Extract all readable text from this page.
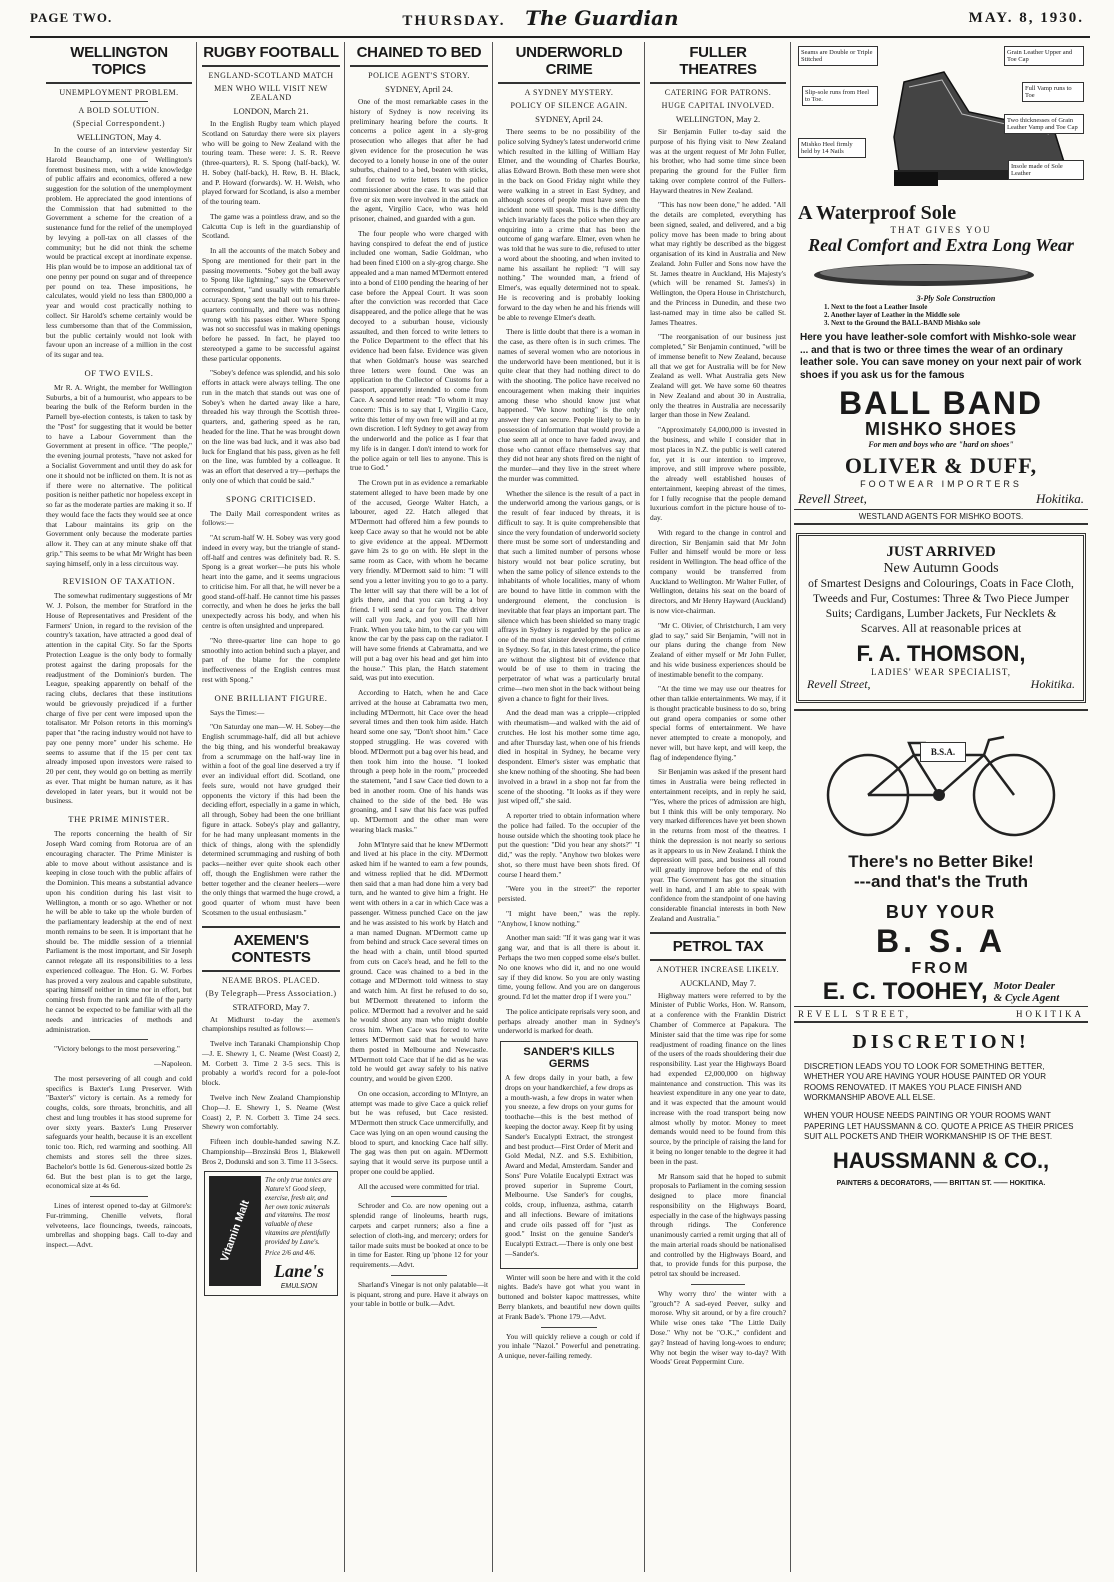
PAGE TWO.	THURSDAY. The Guardian	MAY. 8, 1930.
WELLINGTON TOPICS
UNEMPLOYMENT PROBLEM.
A BOLD SOLUTION.
(Special Correspondent.)
WELLINGTON, May 4.

In the course of an interview yesterday Sir Harold Beauchamp, one of Wellington's foremost business men, with a wide knowledge of public affairs and economics, offered a new suggestion for the solution of the unemployment problem. He appreciated the good intentions of the Commission that had submitted to the Government a scheme for the creation of a sustenance fund for the relief of the unemployed by levying a poll-tax on all classes of the community; but he did not think the scheme would be practical except at inordinate expense. His plan would be to impose an additional tax of one penny per pound on sugar and of threepence per pound on tea. These impositions, he calculates, would yield no less than £800,000 a year and would cost practically nothing to collect. Sir Harold's scheme certainly would be less cumbersome than that of the Commission, but the public certainly would not look with favour upon an increase of a million in the cost of its sugar and tea.

OF TWO EVILS.

Mr R. A. Wright, the member for Wellington Suburbs, a bit of a humourist, who appears to be bearing the bulk of the Reform burden in the Parnell bye-election contests, is taken to task by the "Post" for suggesting that it would be better to have a Labour Government than the Government at present in office. "The people," the evening journal protests, "have not asked for a Socialist Government and until they do ask for one it should not be inflicted on them. It is not as if there were no alternative. The political position is neither pathetic nor hopeless except in so far as the moderate parties are making it so. If they would face the facts they would see at once that Labour maintains its grip on the Government only because the moderate parties allow it. They can at any minute shake off that grip." This seems to be what Mr Wright has been saying himself, only in a less circuitous way.

REVISION OF TAXATION.

The somewhat rudimentary suggestions of Mr W. J. Polson, the member for Stratford in the House of Representatives and President of the Farmers' Union, in regard to the revision of the country's taxation, have attracted a good deal of attention in the capital City. So far the Sports Protection League is the only body to formally protest against the daring proposals for the readjustment of the Dominion's burden. The League, speaking apparently on behalf of the racing clubs, declares that these institutions would be grievously prejudiced if a further charge of five per cent were imposed upon the totalisator. Mr Polson retorts in this morning's paper that "the racing industry would not have to pay one penny more" under his scheme. He seems to assume that if the 15 per cent tax already imposed upon investors were raised to 20 per cent, they would go on betting as merrily as ever. That might be human nature, as it has developed in later years, but it would not be business.

THE PRIME MINISTER.

The reports concerning the health of Sir Joseph Ward coming from Rotorua are of an encouraging character. The Prime Minister is able to move about without assistance and is keeping in close touch with the public affairs of the Dominion. This means a substantial advance upon his condition during his last visit to Wellington, a month or so ago. Whether or not he will be able to take up the whole burden of the parliamentary leadership at the end of next month remains to be seen. It is important that he should be. The middle session of a triennial Parliament is the most important, and Sir Joseph cannot relegate all its responsibilities to a less experienced colleague. The Hon. G. W. Forbes has proved a very zealous and capable substitute, sparing himself neither in time nor in effort, but coming fresh from the rank and file of the party he cannot be expected to be familiar with all the needs and intricacies of methods and administration.

"Victory belongs to the most persevering."

—Napoleon.

The most persevering of all cough and cold specifics is Baxter's Lung Preserver. With "Baxter's" victory is certain. As a remedy for coughs, colds, sore throats, bronchitis, and all chest and lung troubles it has stood supreme for over sixty years. Baxter's Lung Preserver safeguards your health, because it is an excellent tonic too. Rich, red warming and soothing. All chemists and stores sell the three sizes. Bachelor's bottle 1s 6d. Generous-sized bottle 2s 6d. But the best plan is to get the large, economical size at 4s 6d.

Lines of interest opened to-day at Gilmore's: Fur-trimming, Chenille velvets, floral velveteens, lace flouncings, tweeds, raincoats, umbrellas and shopping bags. Call to-day and inspect.—Advt.

RUGBY FOOTBALL
ENGLAND-SCOTLAND MATCH
MEN WHO WILL VISIT NEW ZEALAND
LONDON, March 21.

In the English Rugby team which played Scotland on Saturday there were six players who will be going to New Zealand with the touring team. These were: J. S. R. Reeve (three-quarters), R. S. Spong (half-back), W. H. Sobey (half-back), H. Rew, B. H. Black, and P. Howard (forwards). W. H. Welsh, who played forward for Scotland, is also a member of the touring team.

The game was a pointless draw, and so the Calcutta Cup is left in the guardianship of Scotland.

In all the accounts of the match Sobey and Spong are mentioned for their part in the passing movements. "Sobey got the ball away to Spong like lightning," says the Observer's correspondent, "and usually with remarkable accuracy. Spong sent the ball out to his three-quarters continually, and there was nothing wrong with his passes either. Where Spong was not so successful was in making openings before he passed. In fact, he played too stereotyped a game to be successful against these particular opponents.

"Sobey's defence was splendid, and his solo efforts in attack were always telling. The one run in the match that stands out was one of Sobey's when he darted away like a hare, threaded his way through the Scottish three-quarters, and, gathering speed as he ran, headed for the line. That he was brought down on the line was bad luck, and it was also bad luck for England that his pass, given as he fell on the line, was fumbled by a colleague. It was an effort that deserved a try—perhaps the only one of which that could be said."

SPONG CRITICISED.

The Daily Mail correspondent writes as follows:—

"At scrum-half W. H. Sobey was very good indeed in every way, but the triangle of stand-off-half and centres was definitely bad. R. S. Spong is a great worker—he puts his whole heart into the game, and it seems ungracious to criticise him. For all that, he will never be a good stand-off-half. He cannot time his passes correctly, and when he does he jerks the ball unexpectedly across his body, and when his centre is often unsighted and unprepared.

"No three-quarter line can hope to go smoothly into action behind such a player, and part of the blame for the complete ineffectiveness of the English centres must rest with Spong."

ONE BRILLIANT FIGURE.

Says the Times:—

"On Saturday one man—W. H. Sobey—the English scrummage-half, did all but achieve the big thing, and his wonderful breakaway from a scrummage on the half-way line in within a foot of the goal line deserved a try if ever an individual effort did. Scotland, one feels sure, would not have grudged their opponents the victory if this had been the deciding effort, especially in a game in which, all through, Sobey had been the one brilliant figure in attack. Sobey's play and gallantry, for he had many unpleasant moments in the thick of things, along with the splendidly determined scrummaging and rushing of both packs—neither ever quite shook each other off, though the Englishmen were rather the better together and the cleaner heelers—were the only things that warmed the huge crowd, a good quarter of whom must have been Scotsmen to the usual enthusiasm."

AXEMEN'S CONTESTS
NEAME BROS. PLACED.
(By Telegraph—Press Association.)
STRATFORD, May 7.

At Midhurst to-day the axemen's championships resulted as follows:—

Twelve inch Taranaki Championship Chop—J. E. Shewry 1, C. Neame (West Coast) 2, M. Corbett 3. Time 2 3-5 secs. This is probably a world's record for a pole-foot block.

Twelve inch New Zealand Championship Chop—J. E. Shewry 1, S. Neame (West Coast) 2, P. N. Corbett 3. Time 24 secs. Shewry won comfortably.

Fifteen inch double-handed sawing N.Z. Championship—Brezinski Bros 1, Blakewell Bros 2, Dodunski and son 3. Time 11 3-5secs.

Vitamin Malt
The only true tonics are Nature's! Good sleep, exercise, fresh air, and her own tonic minerals and vitamins. The most valuable of these vitamins are plentifully provided by Lane's.
Price 2/6 and 4/6.
Lane's
EMULSION
CHAINED TO BED
POLICE AGENT'S STORY.
SYDNEY, April 24.

One of the most remarkable cases in the history of Sydney is now receiving its preliminary hearing before the courts. It concerns a police agent in a sly-grog prosecution who alleges that after he had given evidence for the prosecution he was decoyed to a lonely house in one of the outer suburbs, chained to a bed, beaten with sticks, and forced to write letters to the police commissioner about the case. It was said that five or six men were involved in the attack on the agent, Virgilio Cace, who was held prisoner, chained, and guarded with a gun.

The four people who were charged with having conspired to defeat the end of justice included one woman, Sadie Goldman, who had been fined £100 on a sly-grog charge. She appealed and a man named M'Dermott entered into a bond of £100 pending the hearing of her case before the Appeal Court. It was soon after the conviction was recorded that Cace disappeared, and the police allege that he was decoyed to a suburban house, viciously assaulted, and then forced to write letters to the Police Department to the effect that his evidence had been false. Evidence was given that when Goldman's house was searched three letters were found. One was an application to the Collector of Customs for a passport, apparently intended to come from Cace. A second letter read: "To whom it may concern: This is to say that I, Virgilio Cace, write this letter of my own free will and at my own discretion. I left Sydney to get away from the underworld and the police as I fear that my life is in danger. I don't intend to work for the police again or tell lies to anyone. This is true to God."

The Crown put in as evidence a remarkable statement alleged to have been made by one of the accused, George Walter Hatch, a labourer, aged 22. Hatch alleged that M'Dermott had offered him a few pounds to keep Cace away so that he would not be able to give evidence at the appeal. M'Dermott gave him 2s to go on with. He slept in the same room as Cace, with whom he became very friendly. M'Dermott said to him: "I will send you a letter inviting you to go to a party. The letter will say that there will be a lot of girls there, and that you can bring a boy friend. I will send a car for you. The driver will call you Jack, and you will call him Frank. When you take him, to the car you will know the car by the pass cap on the radiator. I will have some friends at Cabramatta, and we will put a bag over his head and get him into the house." This plan, the Hatch statement said, was put into execution.

According to Hatch, when he and Cace arrived at the house at Cabramatta two men, including M'Dermott, hit Cace over the head several times and then took him aside. Hatch heard some one say, "Don't shoot him." Cace stopped struggling. He was covered with blood. M'Dermott put a bag over his head, and then took him into the house. "I looked through a peep hole in the room," proceeded the statement, "and I saw Cace tied down to a bed in another room. One of his hands was chained to the side of the bed. He was groaning, and I saw that his face was puffed up. M'Dermott and the other man were wearing black masks."

John M'Intyre said that he knew M'Dermott and lived at his place in the city. M'Dermott asked him if he wanted to earn a few pounds, and witness replied that he did. M'Dermott then said that a man had done him a very bad turn, and he wanted to give him a fright. He went with others in a car in which Cace was a passenger. Witness punched Cace on the jaw and he was assisted to his work by Hatch and a man named Dugnan. M'Dermott came up from behind and struck Cace several times on the head with a chain, until blood spurted from cuts on Cace's head, and he fell to the ground. Cace was chained to a bed in the cottage and M'Dermott told witness to stay and watch him. At first he refused to do so, but M'Dermott threatened to inform the police. M'Dermott had a revolver and he said he would shoot any man who might double cross him. When Cace was forced to write letters M'Dermott said that he would have them posted in Melbourne and Newcastle. M'Dermott told Cace that if he did as he was told he would get away safely to his native country, and would be given £200.

On one occasion, according to M'Intyre, an attempt was made to give Cace a quick relief but he was refused, but Cace resisted. M'Dermott then struck Cace unmercifully, and Cace was lying on an open wound causing the blood to spurt, and knocking Cace half silly. The gag was then put on again. M'Dermott saying that it would serve its purpose until a proper one could be applied.

All the accused were committed for trial.

Schroder and Co. are now opening out a splendid range of linoleums, hearth rugs, carpets and carpet runners; also a fine a selection of cloth-ing, and mercery; orders for tailor made suits must be booked at once to be in time for Easter. Ring up 'phone 12 for your requirements.—Advt.

Sharland's Vinegar is not only palatable—it is piquant, strong and pure. Have it always on your table in bottle or bulk.—Advt.

UNDERWORLD CRIME
A SYDNEY MYSTERY.
POLICY OF SILENCE AGAIN.
SYDNEY, April 24.

There seems to be no possibility of the police solving Sydney's latest underworld crime which resulted in the killing of William Hay Elmer, and the wounding of Charles Bourke, alias Edward Brown. Both these men were shot in the back on Good Friday night while they were walking in a street in East Sydney, and although scores of people must have seen the incident none will speak. This is the difficulty which invariably faces the police when they are enquiring into a crime that has been the outcome of gang warfare. Elmer, even when he was told that he was sure to die, refused to utter a word about the shooting, and when invited to name his assailant he replied: "I will say nothing." The wounded man, a friend of Elmer's, was equally determined not to speak. He is recovering and is probably looking forward to the day when he and his friends will be able to revenge Elmer's death.

There is little doubt that there is a woman in the case, as there often is in such crimes. The names of several women who are notorious in the underworld have been mentioned, but it is quite clear that they had nothing direct to do with the shooting. The police have received no encouragement when making their inquiries among these who should know just what happened. "We know nothing" is the only answer they can secure. People likely to be in possession of information that would provide a clue seem all at once to have faded away, and those who cannot efface themselves say that they did not hear any shots fired on the night of the murder—and they live in the street where the murder was committed.

Whether the silence is the result of a pact in the underworld among the various gangs, or is the result of fear induced by threats, it is difficult to say. It is quite comprehensible that since the very foundation of underworld society there must be some sort of understanding and that such a limited number of persons whose history would not bear police scrutiny, but when the same policy of silence extends to the inhabitants of whole localities, many of whom are bound to have little in common with the underground element, the conclusion is inevitable that fear plays an important part. The silence which has been shielded so many tragic affrays in Sydney is regarded by the police as one of the most sinister developments of crime in Sydney. So far, in this latest crime, the police are without the slightest bit of evidence that would be of use to them in tracing the perpetrator of what was a particularly brutal crime—two men shot in the back without being given a chance to fight for their lives.

And the dead man was a cripple—crippled with rheumatism—and walked with the aid of crutches. He lost his mother some time ago, and after Thursday last, when one of his friends died in hospital in Sydney, he became very despondent. Elmer's sister was emphatic that she knew nothing of the shooting. She had been involved in a brawl in a shop not far from the scene of the shooting. "It looks as if they were just wiped off," she said.

A reporter tried to obtain information where the police had failed. To the occupier of the house outside which the shooting took place he put the question: "Did you hear any shots?" "I did," was the reply. "Anyhow two blokes were shot, so there must have been shots fired. Of course I heard them."

"Were you in the street?" the reporter persisted.

"I might have been," was the reply. "Anyhow, I know nothing."

Another man said: "If it was gang war it was gang war, and that is all there is about it. Perhaps the two men copped some else's bullet. No one knows who did it, and no one would say if they did know. So you are only wasting time, young fellow. And you are on dangerous ground. I'd let the matter drop if I were you."

The police anticipate reprisals very soon, and perhaps already another man in Sydney's underworld is marked for death.

SANDER'S KILLS GERMS

A few drops daily in your bath, a few drops on your handkerchief, a few drops as a mouth-wash, a few drops in water when you sneeze, a few drops on your gums for toothache—this is the best method of keeping the doctor away. Keep fit by using Sander's Eucalypti Extract, the strongest and best product—First Order of Merit and Gold Medal, N.Z. and S.S. Exhibition, Award and Medal, Amsterdam. Sander and Sons' Pure Volatile Eucalypti Extract was proved superior in Supreme Court, Melbourne. Use Sander's for coughs, colds, croup, influenza, asthma, catarrh and all infections. Beware of imitations and crude oils passed off for "just as good." Insist on the genuine Sander's Eucalypti Extract.—There is only one best—Sander's.

Winter will soon be here and with it the cold nights. Bade's have got what you want in buttoned and bolster kapoc mattresses, white Berry blankets, and beautiful new down quilts at Frank Bade's. 'Phone 179.—Advt.

You will quickly relieve a cough or cold if you inhale "Nazol." Powerful and penetrating. A unique, never-failing remedy.

FULLER THEATRES
CATERING FOR PATRONS.
HUGE CAPITAL INVOLVED.
WELLINGTON, May 2.

Sir Benjamin Fuller to-day said the purpose of his flying visit to New Zealand was at the urgent request of Mr John Fuller, his brother, who had some time since been preparing the ground for the Fuller firm taking over complete control of the Fullers-Hayward theatres in New Zealand.

"This has now been done," he added. "All the details are completed, everything has been signed, sealed, and delivered, and a big policy move has been made to bring about what may rightly be described as the biggest organisation of its kind in Australia and New Zealand. John Fuller and Sons now have the St. James theatre in Auckland, His Majesty's (which will be renamed St. James's) in Wellington, the Opera House in Christchurch, and the Princess in Dunedin, and these two last-named may in time also be called St. James Theatres.

"The reorganisation of our business just completed," Sir Benjamin continued, "will be of immense benefit to New Zealand, because all that we get for Australia will be for New Zealand as well. What Australia gets New Zealand will get. We have some 60 theatres in New Zealand and about 30 in Australia, only the theatres in Australia are necessarily larger than those in New Zealand.

"Approximately £4,000,000 is invested in the business, and while I consider that in most places in N.Z. the public is well catered for, yet it is our intention to improve, improve, and still improve where possible, the already well established houses of entertainment, keeping abreast of the times, for I fully recognise that the people demand luxurious comfort in the picture house of to-day.

With regard to the change in control and direction, Sir Benjamin said that Mr John Fuller and himself would be more or less resident in Wellington. The head office of the company would be transferred from Auckland to Wellington. Mr Walter Fuller, of Wellington, detains his seat on the board of directors, and Mr Henry Hayward (Auckland) is now vice-chairman.

"Mr C. Olivier, of Christchurch, I am very glad to say," said Sir Benjamin, "will not in our plans during the change from New Zealand of either myself or Mr John Fuller, and his wide business experiences should be of inestimable benefit to the company.

"At the time we may use our theatres for other than talkie entertainments. We may, if it is thought practicable business to do so, bring out grand opera companies or some other special forms of entertainment. We have never attempted to create a monopoly, and never will, but have kept, and will keep, the flag of independence flying."

Sir Benjamin was asked if the present hard times in Australia were being reflected in entertainment receipts, and in reply he said, "Yes, where the prices of admission are high, but I think this will be only temporary. No very marked differences have yet been shown in the returns from most of the theatres. I think the depression is not nearly so serious as it appears to us in New Zealand. I think the depression will pass, and business all round will greatly improve before the end of this year. The Government has got the situation well in hand, and I am able to speak with confidence from the standpoint of one having considerable financial interests in both New Zealand and Australia."

PETROL TAX
ANOTHER INCREASE LIKELY.
AUCKLAND, May 7.

Highway matters were referred to by the Minister of Public Works, Hon. W. Ransom, at a conference with the Franklin District Chamber of Commerce at Papakura. The Minister said that the time was ripe for some readjustment of roading finance on the lines of the users of the roads shouldering their due responsibility. Last year the Highways Board had expended £2,000,000 on highway maintenance and construction. This was its heaviest expenditure in any one year to date, and it was expected that the amount would increase with the road transport being now almost wholly by motor. Money to meet demands would need to be found from this source, by the principle of raising the land for it being no longer tenable to the degree it had been in the past.

Mr Ransom said that he hoped to submit proposals to Parliament in the coming session designed to place more financial responsibility on the Highways Board, especially in the case of the highways passing through ridings. The Conference unanimously carried a remit urging that all of the main arterial roads should be nationalised and controlled by the Highways Board, and that, to provide funds for this purpose, the petrol tax should be increased.

Why worry thro' the winter with a "grouch"? A sad-eyed Peever, sulky and morose. Why sit around, or by a fire crouch? While wise ones take "The Little Daily Dose." Why not be "O.K.," confident and gay? Instead of having long-woes to endure; Why not begin the wiser way to-day? With Woods' Great Peppermint Cure.

Seams are Double or Triple Stitched
Grain Leather Upper and Toe Cap
Slip-sole runs from Heel to Toe.
Full Vamp runs to Toe
Two thicknesses of Grain Leather Vamp and Toe Cap
Mishko Heel firmly held by 14 Nails
Insole made of Sole Leather
A Waterproof Sole
THAT GIVES YOU
Real Comfort and Extra Long Wear
3-Ply Sole Construction
1. Next to the foot a Leather Insole
2. Another layer of Leather in the Middle sole
3. Next to the Ground the BALL-BAND Mishko sole

Here you have leather-sole comfort with Mishko-sole wear ... and that is two or three times the wear of an ordinary leather sole. You can save money on your next pair of work shoes if you ask us for the famous

BALL BAND
MISHKO SHOES
For men and boys who are "hard on shoes"
OLIVER & DUFF,
FOOTWEAR IMPORTERS
Revell Street,	Hokitika.
WESTLAND AGENTS FOR MISHKO BOOTS.
JUST ARRIVED
New Autumn Goods
of Smartest Designs and Colourings, Coats in Face Cloth, Tweeds and Fur, Costumes: Three & Two Piece Jumper Suits; Cardigans, Lumber Jackets, Fur Necklets & Scarves. All at reasonable prices at
F. A. THOMSON,
LADIES' WEAR SPECIALIST,
Revell Street,	Hokitika.
B.S.A.
There's no Better Bike!
---and that's the Truth
BUY YOUR
B. S. A
FROM
E. C. TOOHEY, Motor Dealer
& Cycle Agent
REVELL STREET,	HOKITIKA
DISCRETION!

DISCRETION LEADS YOU TO LOOK FOR SOMETHING BETTER, WHETHER YOU ARE HAVING YOUR HOUSE PAINTED OR YOUR ROOMS RENOVATED. IT MAKES YOU PLACE FINISH AND WORKMANSHIP ABOVE ALL ELSE.

WHEN YOUR HOUSE NEEDS PAINTING OR YOUR ROOMS WANT PAPERING LET HAUSSMANN & CO. QUOTE A PRICE AS THEIR PRICES SUIT ALL POCKETS AND THEIR WORKMANSHIP IS OF THE BEST.

HAUSSMANN & CO.,
PAINTERS & DECORATORS, —— BRITTAN ST. —— HOKITIKA.
